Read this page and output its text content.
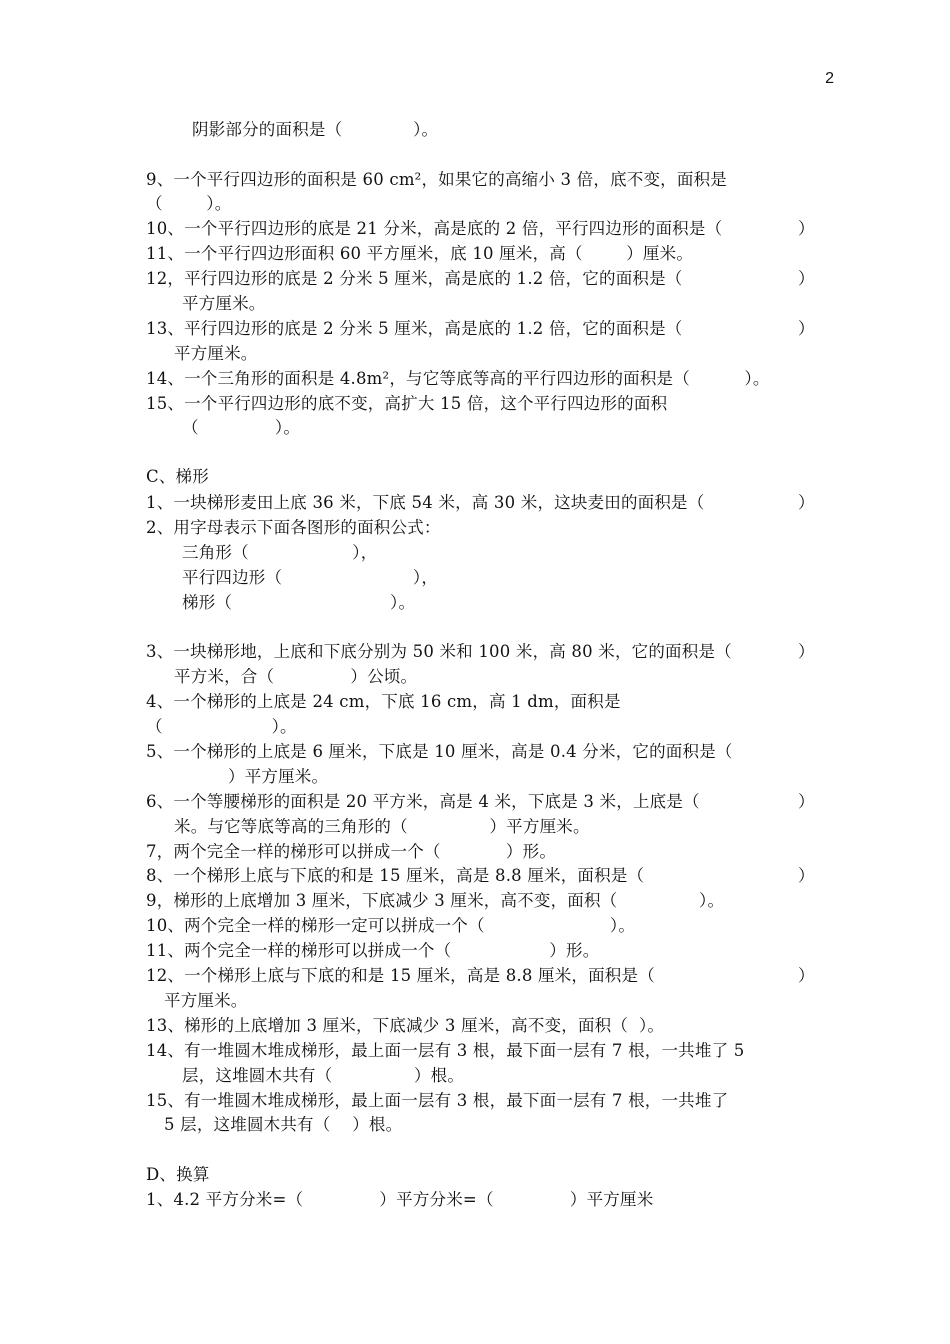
2
阴影部分的面积是（             ）。
9、一个平行四边形的面积是 60 cm²，如果它的高缩小 3 倍，底不变，面积是
（        ）。
10、一个平行四边形的底是 21 分米，高是底的 2 倍，平行四边形的面积是（	）
11、一个平行四边形面积 60 平方厘米，底 10 厘米，高（        ）厘米。
12，平行四边形的底是 2 分米 5 厘米，高是底的 1.2 倍，它的面积是（	）
平方厘米。
13、平行四边形的底是 2 分米 5 厘米，高是底的 1.2 倍，它的面积是（	）
平方厘米。
14、一个三角形的面积是 4.8m²，与它等底等高的平行四边形的面积是（          ）。
15、一个平行四边形的底不变，高扩大 15 倍，这个平行四边形的面积
（              ）。
C、梯形
1、一块梯形麦田上底 36 米，下底 54 米，高 30 米，这块麦田的面积是（	）
2、用字母表示下面各图形的面积公式：
三角形（                   ），
平行四边形（                        ），
梯形（                             ）。
3、一块梯形地，上底和下底分别为 50 米和 100 米，高 80 米，它的面积是（	）
平方米，合（              ）公顷。
4、一个梯形的上底是 24 cm，下底 16 cm，高 1 dm，面积是
（                    ）。
5、一个梯形的上底是 6 厘米，下底是 10 厘米，高是 0.4 分米，它的面积是（
）平方厘米。
6、一个等腰梯形的面积是 20 平方米，高是 4 米，下底是 3 米，上底是（	）
米。与它等底等高的三角形的（               ）平方厘米。
7，两个完全一样的梯形可以拼成一个（            ）形。
8、一个梯形上底与下底的和是 15 厘米，高是 8.8 厘米，面积是（	）
9，梯形的上底增加 3 厘米，下底减少 3 厘米，高不变，面积（               ）。
10、两个完全一样的梯形一定可以拼成一个（                       ）。
11、两个完全一样的梯形可以拼成一个（                  ）形。
12、一个梯形上底与下底的和是 15 厘米，高是 8.8 厘米，面积是（	）
平方厘米。
13、梯形的上底增加 3 厘米，下底减少 3 厘米，高不变，面积（  ）。
14、有一堆圆木堆成梯形，最上面一层有 3 根，最下面一层有 7 根，一共堆了 5
层，这堆圆木共有（               ）根。
15、有一堆圆木堆成梯形，最上面一层有 3 根，最下面一层有 7 根，一共堆了
5 层，这堆圆木共有（    ）根。
D、换算
1、4.2 平方分米=（              ）平方分米=（              ）平方厘米
